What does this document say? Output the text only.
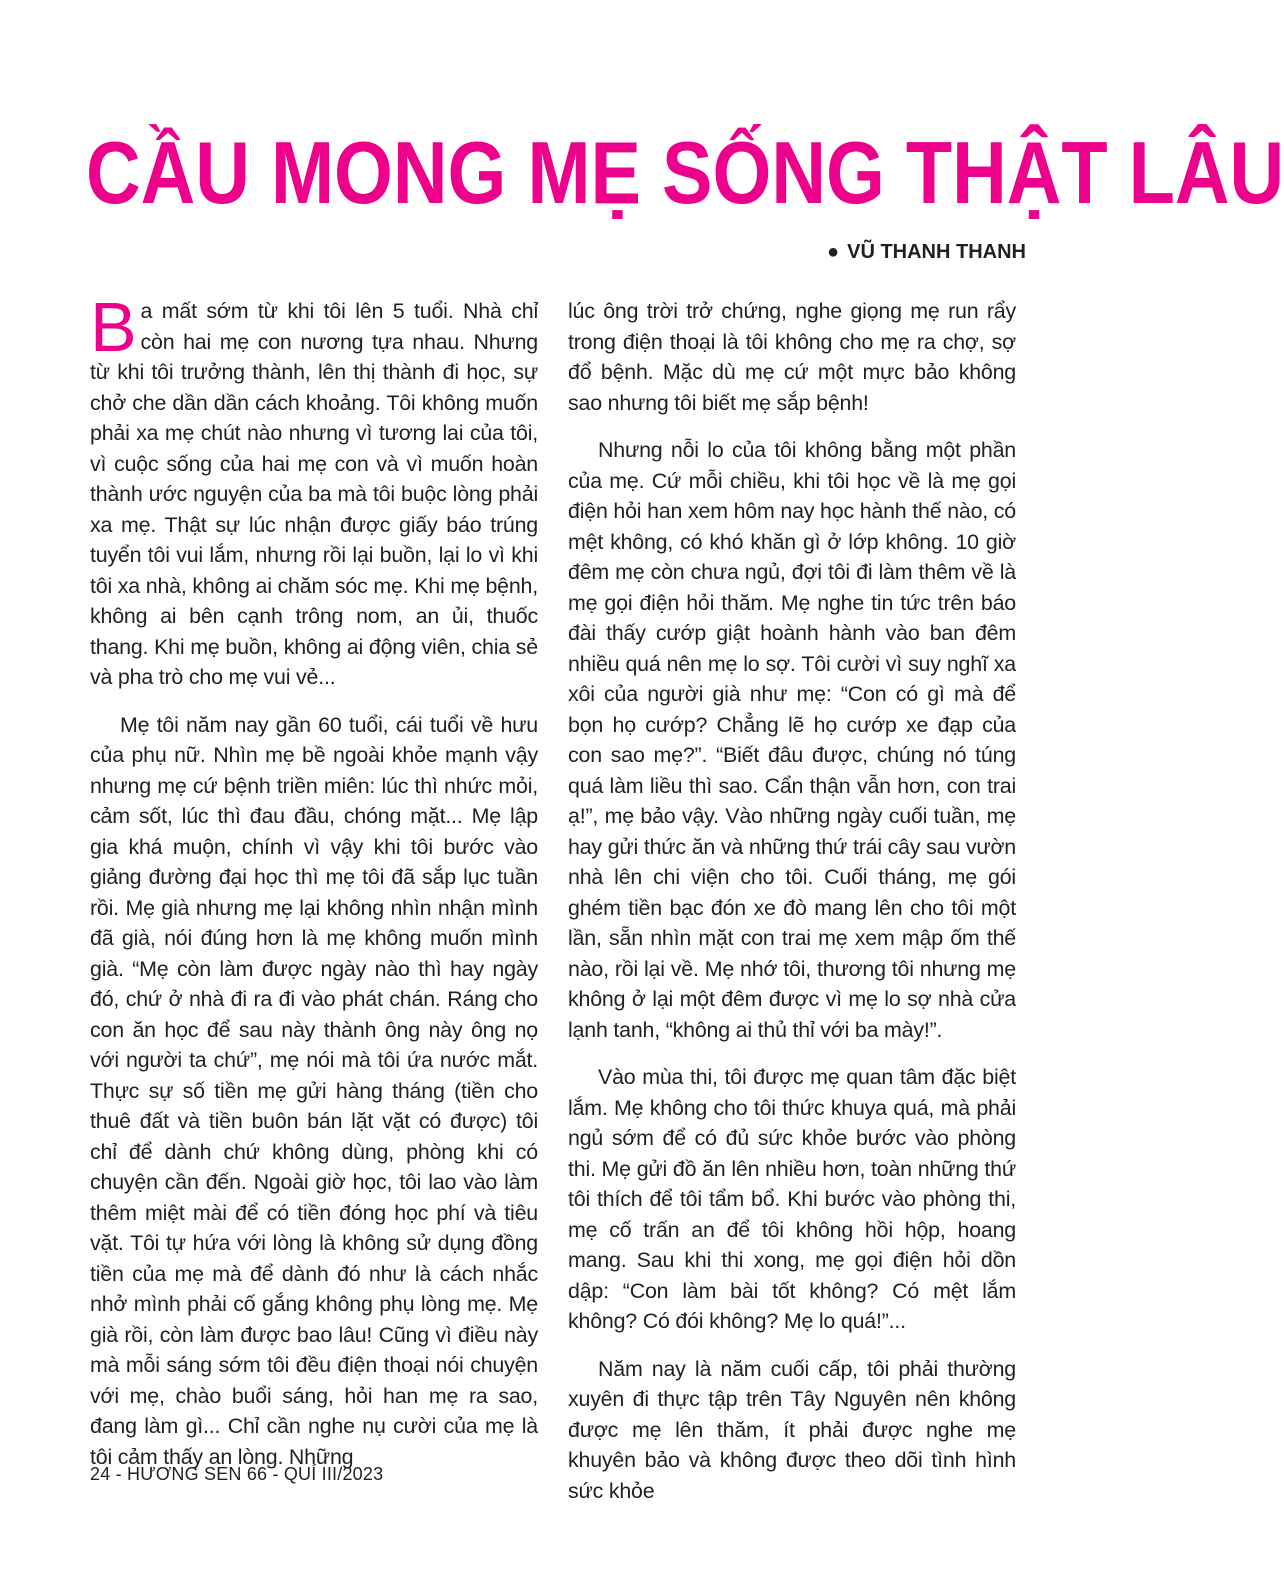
CẦU MONG MẸ SỐNG THẬT LÂU
● VŨ THANH THANH

Ba mất sớm từ khi tôi lên 5 tuổi. Nhà chỉ còn hai mẹ con nương tựa nhau. Nhưng từ khi tôi trưởng thành, lên thị thành đi học, sự chở che dần dần cách khoảng. Tôi không muốn phải xa mẹ chút nào nhưng vì tương lai của tôi, vì cuộc sống của hai mẹ con và vì muốn hoàn thành ước nguyện của ba mà tôi buộc lòng phải xa mẹ. Thật sự lúc nhận được giấy báo trúng tuyển tôi vui lắm, nhưng rồi lại buồn, lại lo vì khi tôi xa nhà, không ai chăm sóc mẹ. Khi mẹ bệnh, không ai bên cạnh trông nom, an ủi, thuốc thang. Khi mẹ buồn, không ai động viên, chia sẻ và pha trò cho mẹ vui vẻ...

Mẹ tôi năm nay gần 60 tuổi, cái tuổi về hưu của phụ nữ. Nhìn mẹ bề ngoài khỏe mạnh vậy nhưng mẹ cứ bệnh triền miên: lúc thì nhức mỏi, cảm sốt, lúc thì đau đầu, chóng mặt... Mẹ lập gia khá muộn, chính vì vậy khi tôi bước vào giảng đường đại học thì mẹ tôi đã sắp lục tuần rồi. Mẹ già nhưng mẹ lại không nhìn nhận mình đã già, nói đúng hơn là mẹ không muốn mình già. “Mẹ còn làm được ngày nào thì hay ngày đó, chứ ở nhà đi ra đi vào phát chán. Ráng cho con ăn học để sau này thành ông này ông nọ với người ta chứ”, mẹ nói mà tôi ứa nước mắt. Thực sự số tiền mẹ gửi hàng tháng (tiền cho thuê đất và tiền buôn bán lặt vặt có được) tôi chỉ để dành chứ không dùng, phòng khi có chuyện cần đến. Ngoài giờ học, tôi lao vào làm thêm miệt mài để có tiền đóng học phí và tiêu vặt. Tôi tự hứa với lòng là không sử dụng đồng tiền của mẹ mà để dành đó như là cách nhắc nhở mình phải cố gắng không phụ lòng mẹ. Mẹ già rồi, còn làm được bao lâu! Cũng vì điều này mà mỗi sáng sớm tôi đều điện thoại nói chuyện với mẹ, chào buổi sáng, hỏi han mẹ ra sao, đang làm gì... Chỉ cần nghe nụ cười của mẹ là tôi cảm thấy an lòng. Những

lúc ông trời trở chứng, nghe giọng mẹ run rẩy trong điện thoại là tôi không cho mẹ ra chợ, sợ đổ bệnh. Mặc dù mẹ cứ một mực bảo không sao nhưng tôi biết mẹ sắp bệnh!

Nhưng nỗi lo của tôi không bằng một phần của mẹ. Cứ mỗi chiều, khi tôi học về là mẹ gọi điện hỏi han xem hôm nay học hành thế nào, có mệt không, có khó khăn gì ở lớp không. 10 giờ đêm mẹ còn chưa ngủ, đợi tôi đi làm thêm về là mẹ gọi điện hỏi thăm. Mẹ nghe tin tức trên báo đài thấy cướp giật hoành hành vào ban đêm nhiều quá nên mẹ lo sợ. Tôi cười vì suy nghĩ xa xôi của người già như mẹ: “Con có gì mà để bọn họ cướp? Chẳng lẽ họ cướp xe đạp của con sao mẹ?”. “Biết đâu được, chúng nó túng quá làm liều thì sao. Cẩn thận vẫn hơn, con trai ạ!”, mẹ bảo vậy. Vào những ngày cuối tuần, mẹ hay gửi thức ăn và những thứ trái cây sau vườn nhà lên chi viện cho tôi. Cuối tháng, mẹ gói ghém tiền bạc đón xe đò mang lên cho tôi một lần, sẵn nhìn mặt con trai mẹ xem mập ốm thế nào, rồi lại về. Mẹ nhớ tôi, thương tôi nhưng mẹ không ở lại một đêm được vì mẹ lo sợ nhà cửa lạnh tanh, “không ai thủ thỉ với ba mày!”.

Vào mùa thi, tôi được mẹ quan tâm đặc biệt lắm. Mẹ không cho tôi thức khuya quá, mà phải ngủ sớm để có đủ sức khỏe bước vào phòng thi. Mẹ gửi đồ ăn lên nhiều hơn, toàn những thứ tôi thích để tôi tẩm bổ. Khi bước vào phòng thi, mẹ cố trấn an để tôi không hồi hộp, hoang mang. Sau khi thi xong, mẹ gọi điện hỏi dồn dập: “Con làm bài tốt không? Có mệt lắm không? Có đói không? Mẹ lo quá!”...

Năm nay là năm cuối cấp, tôi phải thường xuyên đi thực tập trên Tây Nguyên nên không được mẹ lên thăm, ít phải được nghe mẹ khuyên bảo và không được theo dõi tình hình sức khỏe

24 - HƯƠNG SEN 66 - QUÍ III/2023
